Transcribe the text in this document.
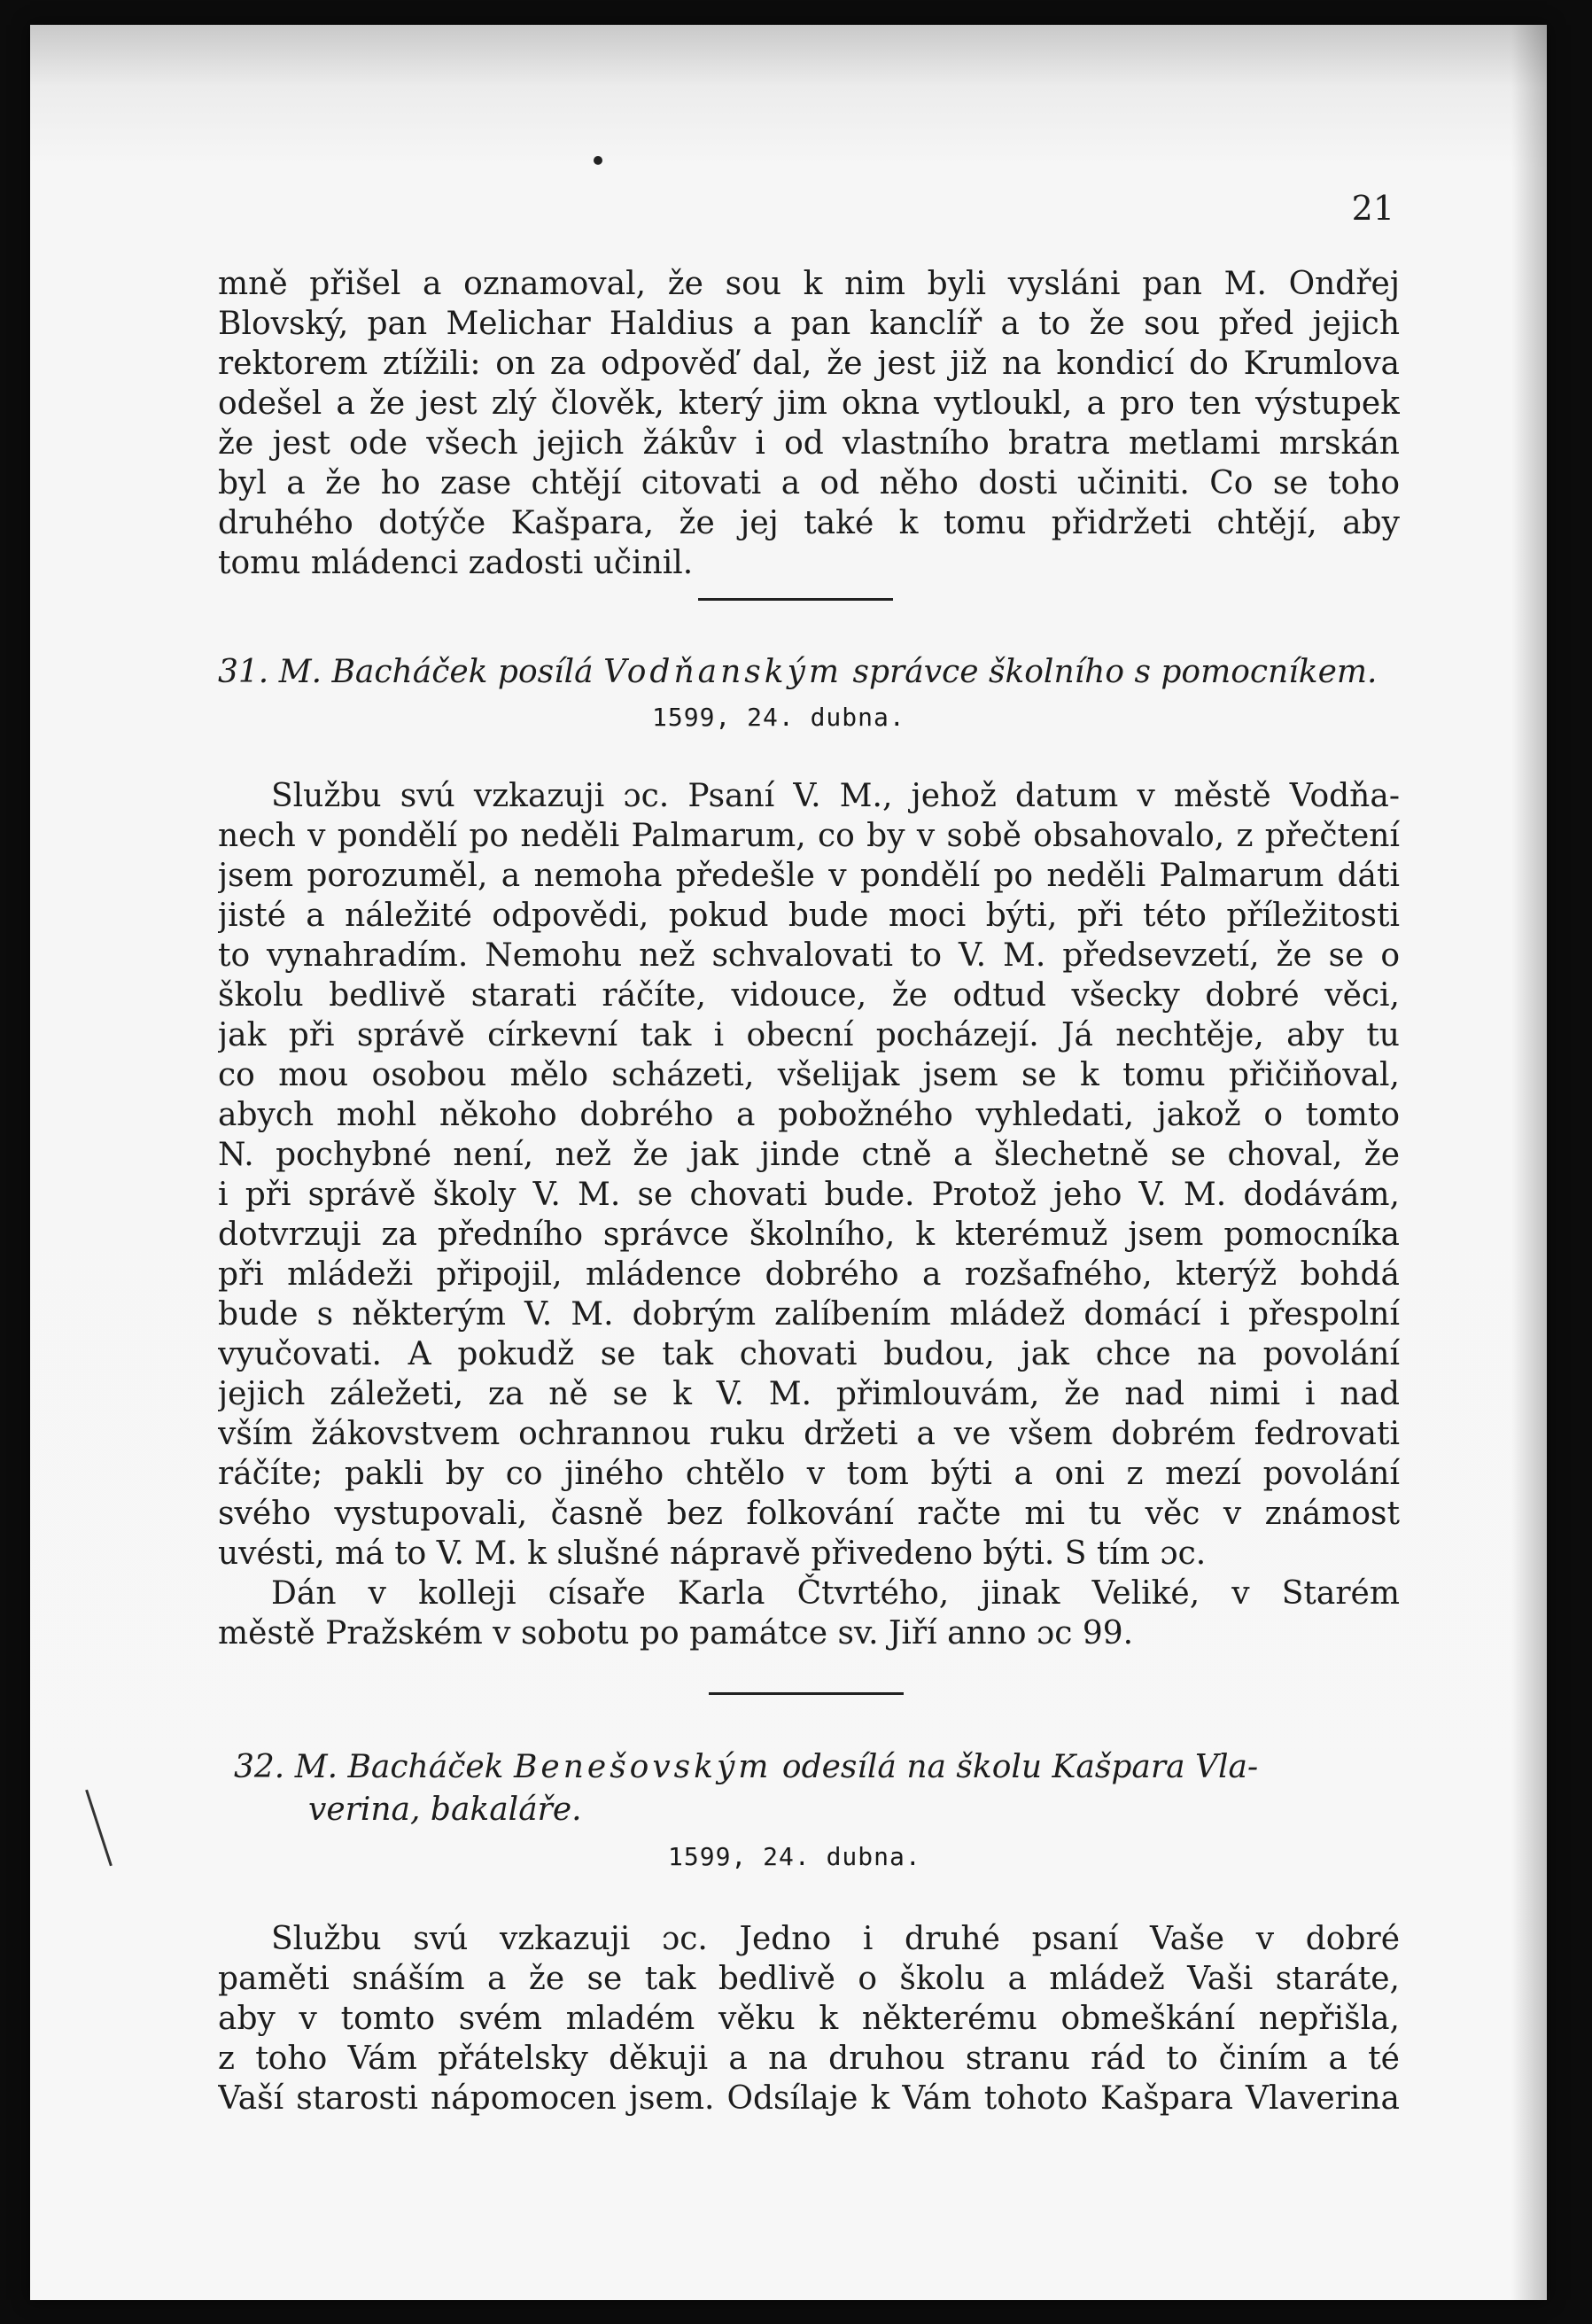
21
mně přišel a oznamoval, že sou k nim byli vysláni pan M. Ondřej
Blovský, pan Melichar Haldius a pan kanclíř a to že sou před jejich
rektorem ztížili: on za odpověď dal, že jest již na kondicí do Krumlova
odešel a že jest zlý člověk, který jim okna vytloukl, a pro ten výstupek
že jest ode všech jejich žákův i od vlastního bratra metlami mrskán
byl a že ho zase chtějí citovati a od něho dosti učiniti. Co se toho
druhého dotýče Kašpara, že jej také k tomu přidržeti chtějí, aby
tomu mládenci zadosti učinil.
31. M. Bacháček posílá Vodňanským správce školního s pomocníkem.
1599, 24. dubna.
Službu svú vzkazuji ɔc. Psaní V. M., jehož datum v městě Vodňa-
nech v pondělí po neděli Palmarum, co by v sobě obsahovalo, z přečtení
jsem porozuměl, a nemoha předešle v pondělí po neděli Palmarum dáti
jisté a náležité odpovědi, pokud bude moci býti, při této příležitosti
to vynahradím. Nemohu než schvalovati to V. M. předsevzetí, že se o
školu bedlivě starati ráčíte, vidouce, že odtud všecky dobré věci,
jak při správě církevní tak i obecní pocházejí. Já nechtěje, aby tu
co mou osobou mělo scházeti, všelijak jsem se k tomu přičiňoval,
abych mohl někoho dobrého a pobožného vyhledati, jakož o tomto
N. pochybné není, než že jak jinde ctně a šlechetně se choval, že
i při správě školy V. M. se chovati bude. Protož jeho V. M. dodávám,
dotvrzuji za předního správce školního, k kterémuž jsem pomocníka
při mládeži připojil, mládence dobrého a rozšafného, kterýž bohdá
bude s některým V. M. dobrým zalíbením mládež domácí i přespolní
vyučovati. A pokudž se tak chovati budou, jak chce na povolání
jejich záležeti, za ně se k V. M. přimlouvám, že nad nimi i nad
vším žákovstvem ochrannou ruku držeti a ve všem dobrém fedrovati
ráčíte; pakli by co jiného chtělo v tom býti a oni z mezí povolání
svého vystupovali, časně bez folkování račte mi tu věc v známost
uvésti, má to V. M. k slušné nápravě přivedeno býti. S tím ɔc.
Dán v kolleji císaře Karla Čtvrtého, jinak Veliké, v Starém
městě Pražském v sobotu po památce sv. Jiří anno ɔc 99.
32. M. Bacháček Benešovským odesílá na školu Kašpara Vla-
verina, bakaláře.
1599, 24. dubna.
Službu svú vzkazuji ɔc. Jedno i druhé psaní Vaše v dobré
paměti snáším a že se tak bedlivě o školu a mládež Vaši staráte,
aby v tomto svém mladém věku k některému obmeškání nepřišla,
z toho Vám přátelsky děkuji a na druhou stranu rád to činím a té
Vaší starosti nápomocen jsem. Odsílaje k Vám tohoto Kašpara Vlaverina
